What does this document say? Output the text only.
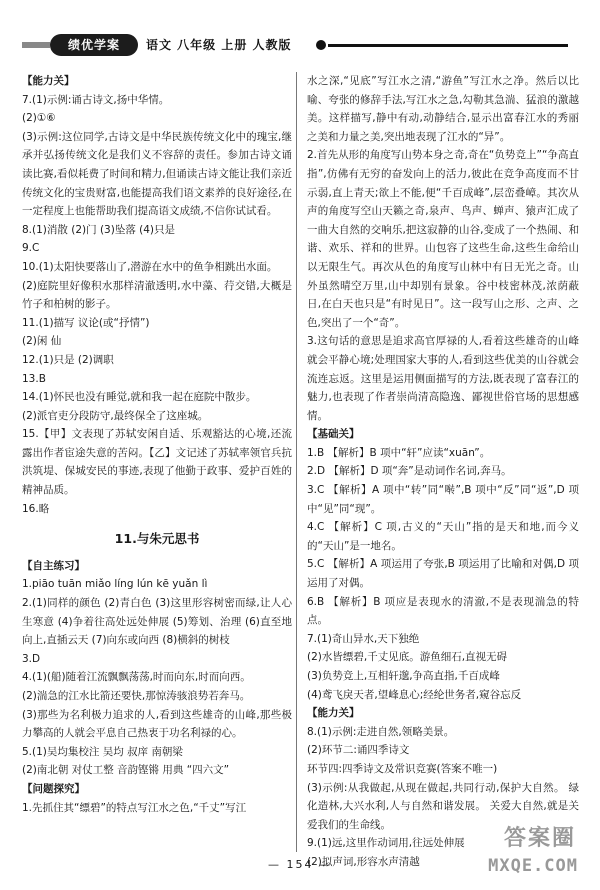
绩优学案	语文 八年级 上册 人教版
【能力关】
7.(1)示例:诵古诗文,扬中华情。
(2)①⑥
(3)示例:这位同学,古诗文是中华民族传统文化中的瑰宝,继承并弘扬传统文化是我们义不容辞的责任。参加古诗文诵读比赛,看似耗费了时间和精力,但诵读古诗文能让我们亲近传统文化的宝贵财富,也能提高我们语文素养的良好途径,在一定程度上也能帮助我们提高语文成绩,不信你试试看。
8.(1)消散 (2)门 (3)坠落 (4)只是
9.C
10.(1)太阳快要落山了,潜游在水中的鱼争相跳出水面。
(2)庭院里好像积水那样清澈透明,水中藻、荇交错,大概是竹子和柏树的影子。
11.(1)描写 议论(或“抒情”)
(2)闲 仙
12.(1)只是 (2)调职
13.B
14.(1)怀民也没有睡觉,就和我一起在庭院中散步。
(2)派官吏分段防守,最终保全了这座城。
15.【甲】文表现了苏轼安闲自适、乐观豁达的心境,还流露出作者宦途失意的苦闷。【乙】文记述了苏轼率领官兵抗洪筑堤、保城安民的事迹,表现了他勤于政事、爱护百姓的精神品质。
16.略
11.与朱元思书
【自主练习】
1.piāo tuān miǎo líng lún kē yuǎn lì
2.(1)同样的颜色 (2)青白色 (3)这里形容树密而绿,让人心生寒意 (4)争着往高处远处伸展 (5)筹划、治理 (6)直至地向上,直插云天 (7)向东或向西 (8)横斜的树枝
3.D
4.(1)(船)随着江流飘飘荡荡,时而向东,时而向西。
(2)湍急的江水比箭还要快,那惊涛骇浪势若奔马。
(3)那些为名利极力追求的人,看到这些雄奇的山峰,那些极力攀高的人就会平息自己热衷于功名利禄的心。
5.(1)吴均集校注 吴均 叔庠 南朝梁
(2)南北朝 对仗工整 音韵铿锵 用典 “四六文”
【问题探究】
1.先抓住其“缥碧”的特点写江水之色,“千丈”写江
水之深,“见底”写江水之清,“游鱼”写江水之净。然后以比喻、夸张的修辞手法,写江水之急,勾勒其急湍、猛浪的激越美。这样描写,静中有动,动静结合,显示出富春江水的秀丽之美和力量之美,突出地表现了江水的“异”。
2.首先从形的角度写山势本身之奇,奇在“负势竞上”“争高直指”,仿佛有无穷的奋发向上的活力,彼此在竞争高度而不甘示弱,直上青天;欲上不能,便“千百成峰”,层峦叠嶂。其次从声的角度写空山天籁之奇,泉声、鸟声、蝉声、猿声汇成了一曲大自然的交响乐,把这寂静的山谷,变成了一个热闹、和谐、欢乐、祥和的世界。山包容了这些生命,这些生命给山以无限生气。再次从色的角度写山林中有日无光之奇。山外虽然晴空万里,山中却别有景象。谷中枝密林茂,浓荫蔽日,在白天也只是“有时见日”。这一段写山之形、之声、之色,突出了一个“奇”。
3.这句话的意思是追求高官厚禄的人,看着这些雄奇的山峰就会平静心境;处理国家大事的人,看到这些优美的山谷就会流连忘返。这里是运用侧面描写的方法,既表现了富春江的魅力,也表现了作者崇尚清高隐逸、鄙视世俗官场的思想感情。
【基础关】
1.B 【解析】B 项中“轩”应读“xuān”。
2.D 【解析】D 项“奔”是动词作名词,奔马。
3.C 【解析】A 项中“转”同“啭”,B 项中“反”同“返”,D 项中“见”同“现”。
4.C 【解析】C 项,古义的“天山”指的是天和地,而今义的“天山”是一地名。
5.C 【解析】A 项运用了夸张,B 项运用了比喻和对偶,D 项运用了对偶。
6.B 【解析】B 项应是表现水的清澈,不是表现湍急的特点。
7.(1)奇山异水,天下独绝
(2)水皆缥碧,千丈见底。游鱼细石,直视无碍
(3)负势竞上,互相轩邈,争高直指,千百成峰
(4)鸢飞戾天者,望峰息心;经纶世务者,窥谷忘反
【能力关】
8.(1)示例:走进自然,领略美景。
(2)环节二:诵四季诗文
环节四:四季诗文及常识竞赛(答案不唯一)
(3)示例:从我做起,从现在做起,共同行动,保护大自然。 绿化造林,大兴水利,人与自然和谐发展。 关爱大自然,就是关爱我们的生命线。
9.(1)远,这里作动词用,往远处伸展
(2)拟声词,形容水声清越
— 154 —
答案圈
MXQE.COM
